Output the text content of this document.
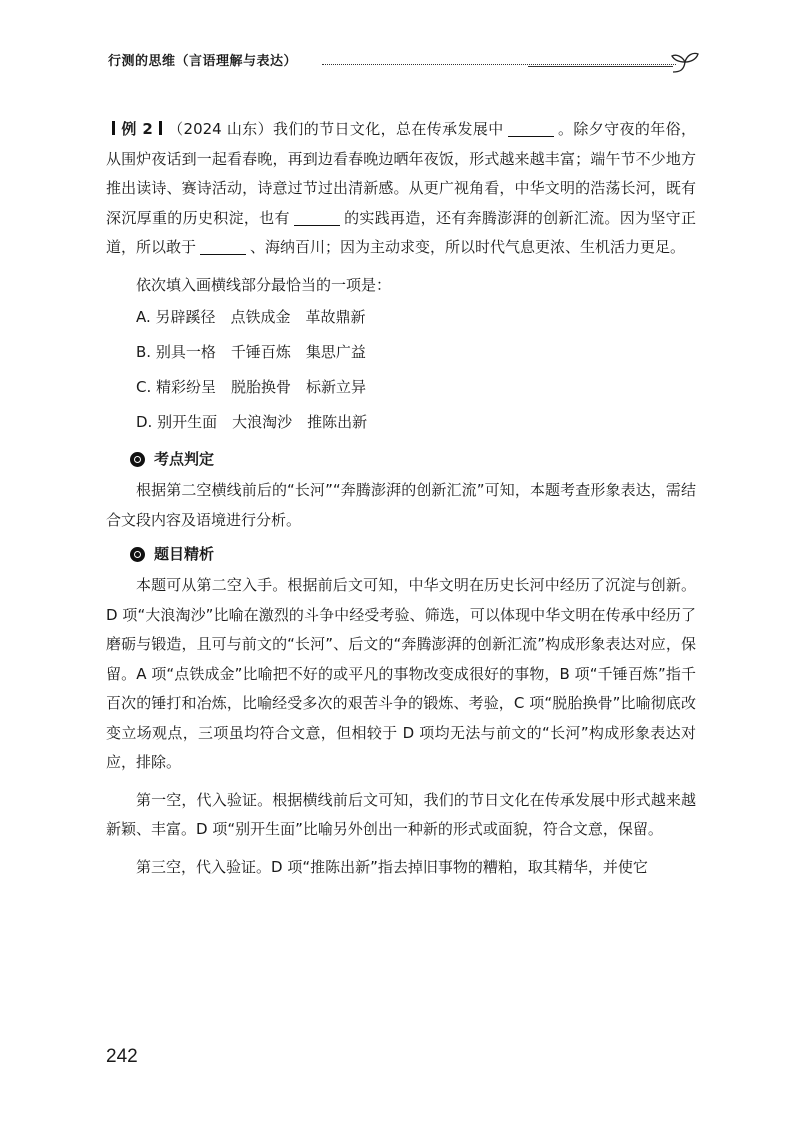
行测的思维（言语理解与表达）

例 2 （2024 山东）我们的节日文化，总在传承发展中	。除夕守夜的年俗，从围炉夜话到一起看春晚，再到边看春晚边晒年夜饭，形式越来越丰富；端午节不少地方推出读诗、赛诗活动，诗意过节过出清新感。从更广视角看，中华文明的浩荡长河，既有深沉厚重的历史积淀，也有	的实践再造，还有奔腾澎湃的创新汇流。因为坚守正道，所以敢于	、海纳百川；因为主动求变，所以时代气息更浓、生机活力更足。

依次填入画横线部分最恰当的一项是：

A. 另辟蹊径　点铁成金　革故鼎新

B. 别具一格　千锤百炼　集思广益

C. 精彩纷呈　脱胎换骨　标新立异

D. 别开生面　大浪淘沙　推陈出新

考点判定

根据第二空横线前后的“长河”“奔腾澎湃的创新汇流”可知，本题考查形象表达，需结合文段内容及语境进行分析。

题目精析

本题可从第二空入手。根据前后文可知，中华文明在历史长河中经历了沉淀与创新。D 项“大浪淘沙”比喻在激烈的斗争中经受考验、筛选，可以体现中华文明在传承中经历了磨砺与锻造，且可与前文的“长河”、后文的“奔腾澎湃的创新汇流”构成形象表达对应，保留。A 项“点铁成金”比喻把不好的或平凡的事物改变成很好的事物，B 项“千锤百炼”指千百次的锤打和冶炼，比喻经受多次的艰苦斗争的锻炼、考验，C 项“脱胎换骨”比喻彻底改变立场观点，三项虽均符合文意，但相较于 D 项均无法与前文的“长河”构成形象表达对应，排除。

第一空，代入验证。根据横线前后文可知，我们的节日文化在传承发展中形式越来越新颖、丰富。D 项“别开生面”比喻另外创出一种新的形式或面貌，符合文意，保留。

第三空，代入验证。D 项“推陈出新”指去掉旧事物的糟粕，取其精华，并使它

242
